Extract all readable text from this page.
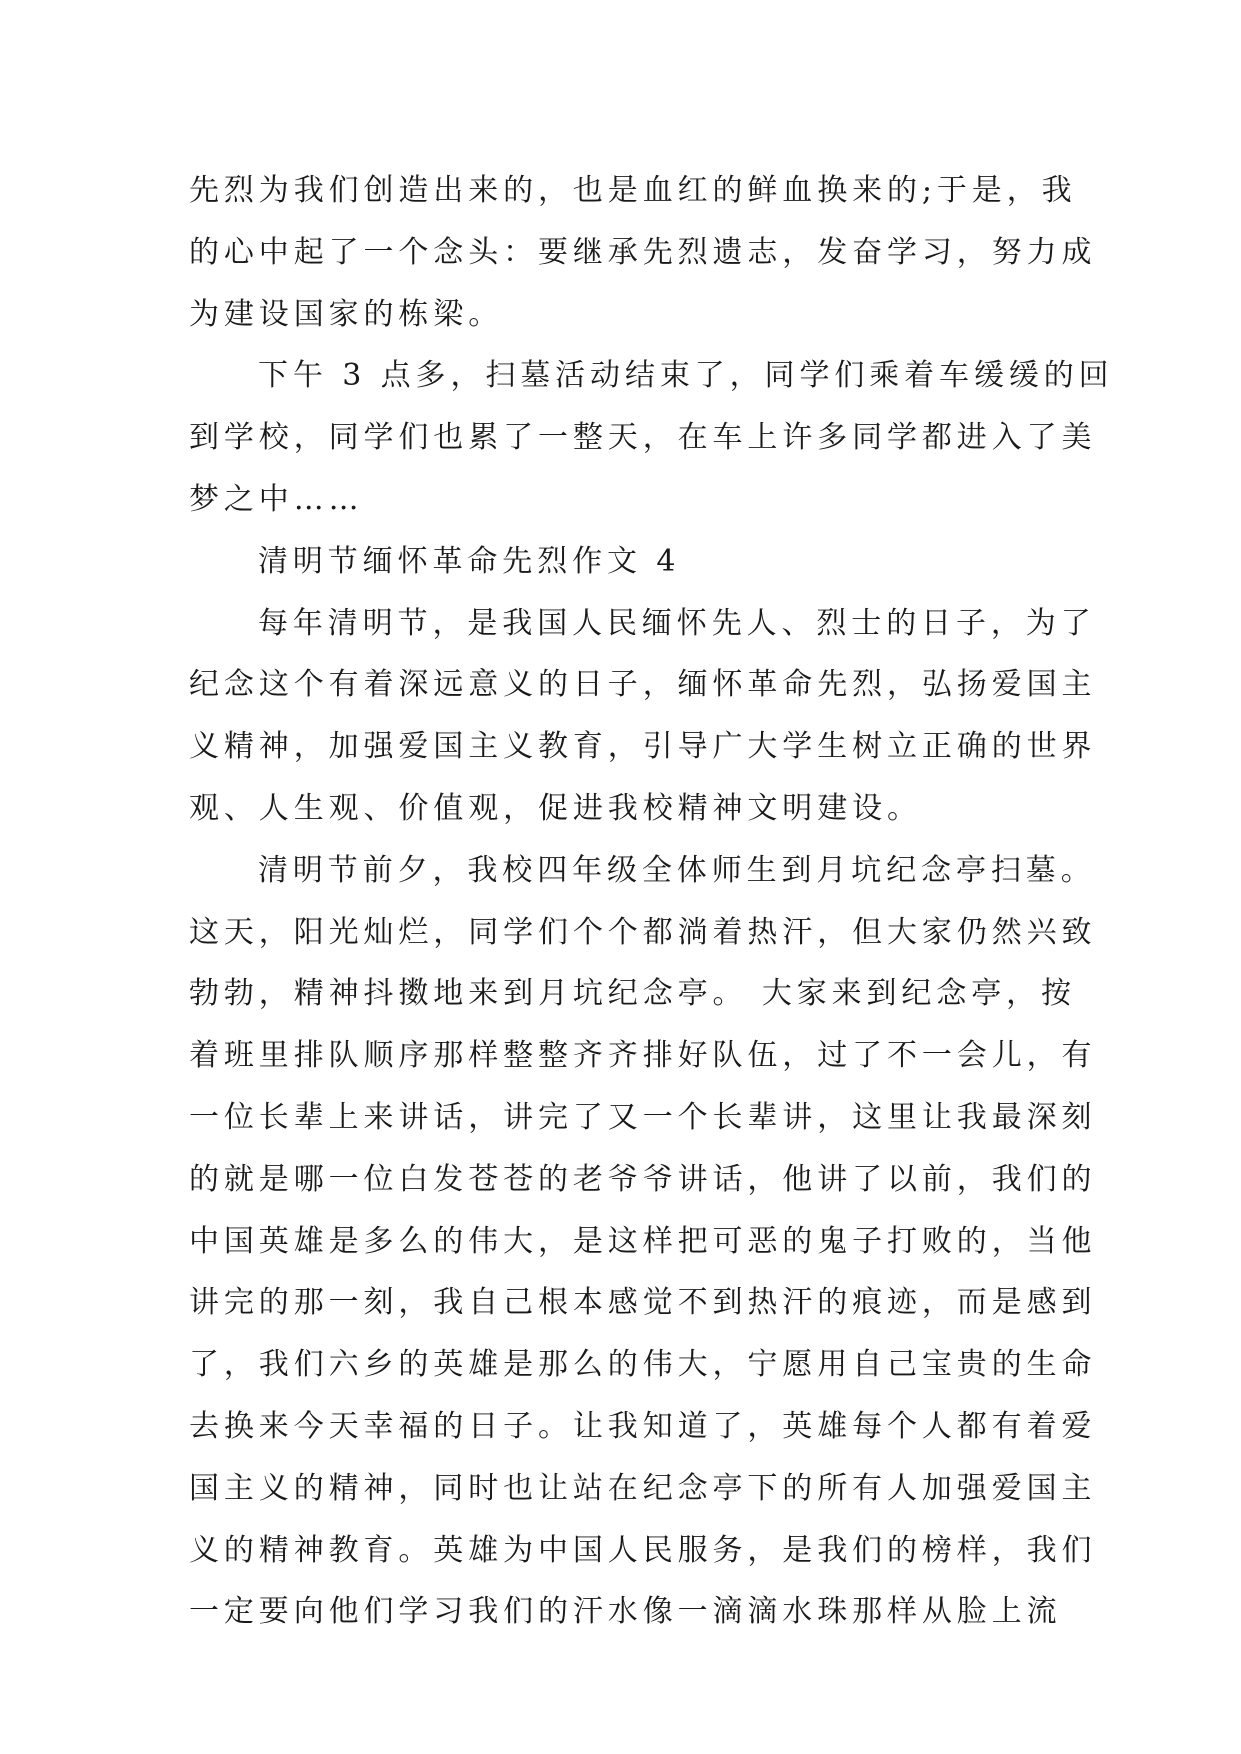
先烈为我们创造出来的，也是血红的鲜血换来的;于是，我
的心中起了一个念头：要继承先烈遗志，发奋学习，努力成
为建设国家的栋梁。
下午 3 点多，扫墓活动结束了，同学们乘着车缓缓的回
到学校，同学们也累了一整天，在车上许多同学都进入了美
梦之中……
清明节缅怀革命先烈作文 4
每年清明节，是我国人民缅怀先人、烈士的日子，为了
纪念这个有着深远意义的日子，缅怀革命先烈，弘扬爱国主
义精神，加强爱国主义教育，引导广大学生树立正确的世界
观、人生观、价值观，促进我校精神文明建设。
清明节前夕，我校四年级全体师生到月坑纪念亭扫墓。
这天，阳光灿烂，同学们个个都淌着热汗，但大家仍然兴致
勃勃，精神抖擞地来到月坑纪念亭。 大家来到纪念亭，按
着班里排队顺序那样整整齐齐排好队伍，过了不一会儿，有
一位长辈上来讲话，讲完了又一个长辈讲，这里让我最深刻
的就是哪一位白发苍苍的老爷爷讲话，他讲了以前，我们的
中国英雄是多么的伟大，是这样把可恶的鬼子打败的，当他
讲完的那一刻，我自己根本感觉不到热汗的痕迹，而是感到
了，我们六乡的英雄是那么的伟大，宁愿用自己宝贵的生命
去换来今天幸福的日子。让我知道了，英雄每个人都有着爱
国主义的精神，同时也让站在纪念亭下的所有人加强爱国主
义的精神教育。英雄为中国人民服务，是我们的榜样，我们
一定要向他们学习我们的汗水像一滴滴水珠那样从脸上流
